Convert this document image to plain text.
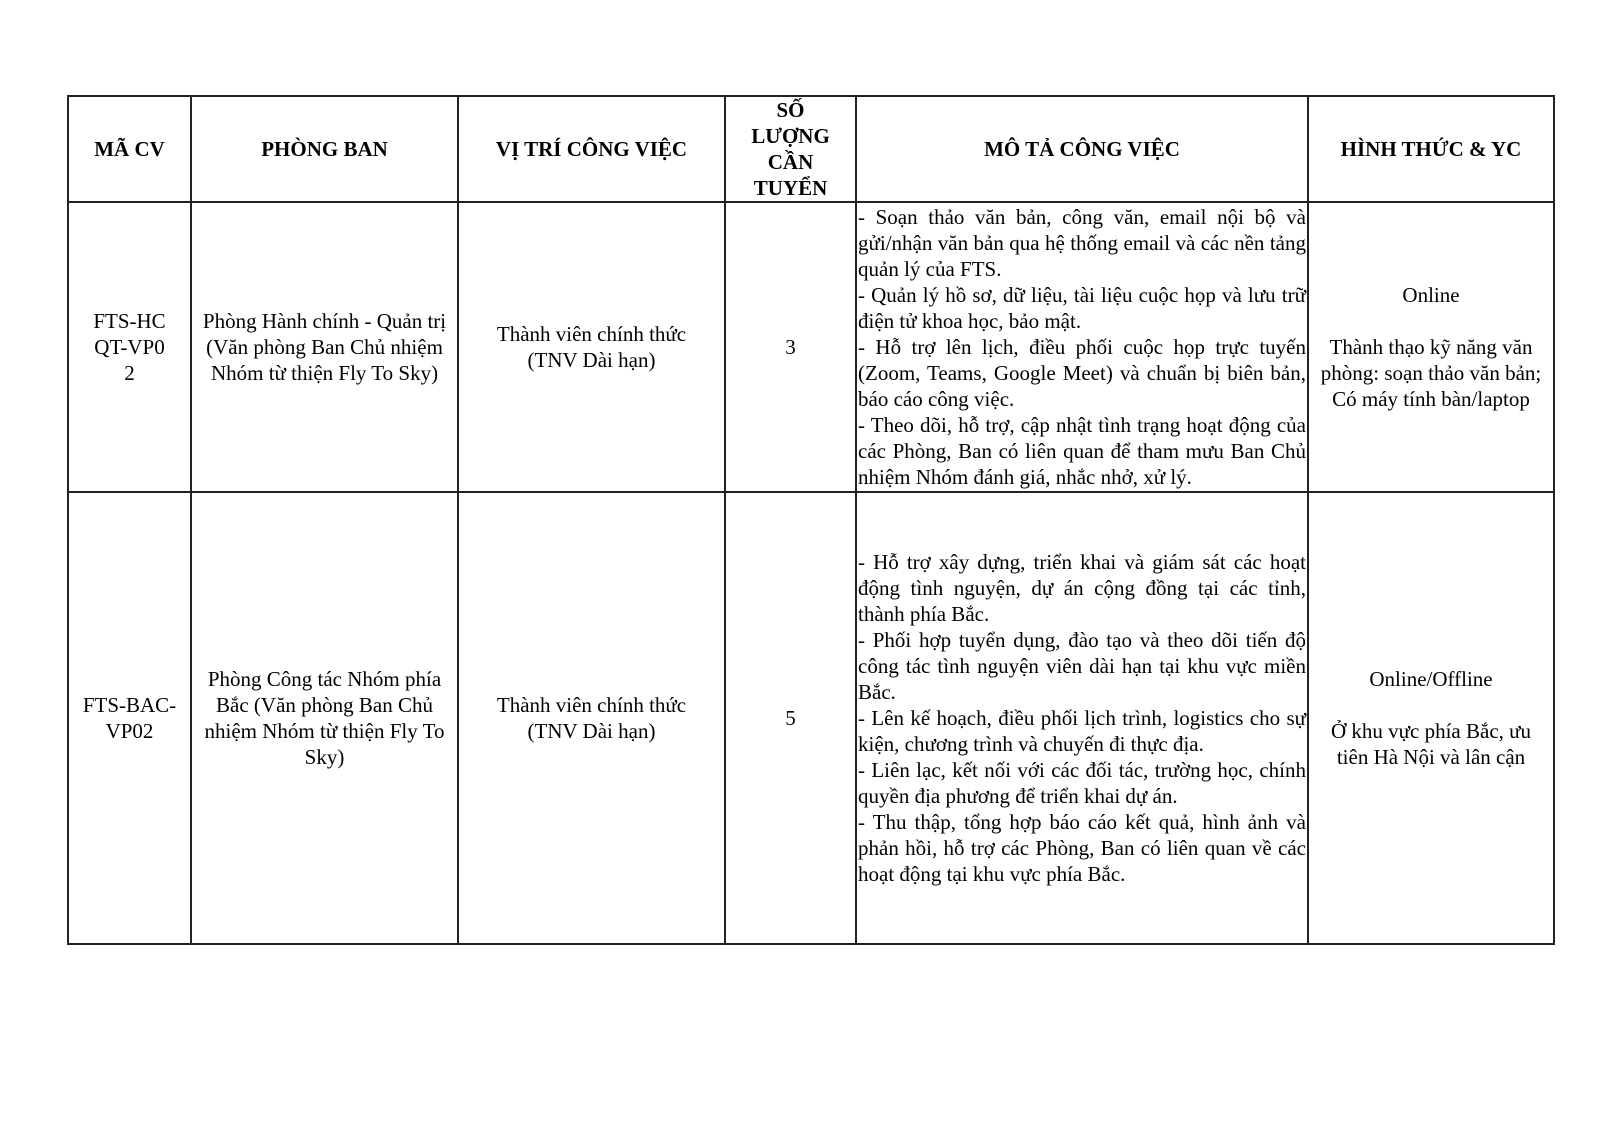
MÃ CV	PHÒNG BAN	VỊ TRÍ CÔNG VIỆC	SỐ LƯỢNG CẦN TUYỂN	MÔ TẢ CÔNG VIỆC	HÌNH THỨC & YC
FTS-HCQT-VP02	Phòng Hành chính - Quản trị (Văn phòng Ban Chủ nhiệm Nhóm từ thiện Fly To Sky)	Thành viên chính thức (TNV Dài hạn)	3	- Soạn thảo văn bản, công văn, email nội bộ và gửi/nhận văn bản qua hệ thống email và các nền tảng quản lý của FTS.
- Quản lý hồ sơ, dữ liệu, tài liệu cuộc họp và lưu trữ điện tử khoa học, bảo mật.
- Hỗ trợ lên lịch, điều phối cuộc họp trực tuyến (Zoom, Teams, Google Meet) và chuẩn bị biên bản, báo cáo công việc.
- Theo dõi, hỗ trợ, cập nhật tình trạng hoạt động của các Phòng, Ban có liên quan để tham mưu Ban Chủ nhiệm Nhóm đánh giá, nhắc nhở, xử lý.	Online
Thành thạo kỹ năng văn phòng: soạn thảo văn bản; Có máy tính bàn/laptop

FTS-BAC-VP02	Phòng Công tác Nhóm phía Bắc (Văn phòng Ban Chủ nhiệm Nhóm từ thiện Fly To Sky)	Thành viên chính thức (TNV Dài hạn)	5	- Hỗ trợ xây dựng, triển khai và giám sát các hoạt động tình nguyện, dự án cộng đồng tại các tỉnh, thành phía Bắc.
- Phối hợp tuyển dụng, đào tạo và theo dõi tiến độ công tác tình nguyện viên dài hạn tại khu vực miền Bắc.
- Lên kế hoạch, điều phối lịch trình, logistics cho sự kiện, chương trình và chuyến đi thực địa.
- Liên lạc, kết nối với các đối tác, trường học, chính quyền địa phương để triển khai dự án.
- Thu thập, tổng hợp báo cáo kết quả, hình ảnh và phản hồi, hỗ trợ các Phòng, Ban có liên quan về các hoạt động tại khu vực phía Bắc.	Online/Offline
Ở khu vực phía Bắc, ưu tiên Hà Nội và lân cận
